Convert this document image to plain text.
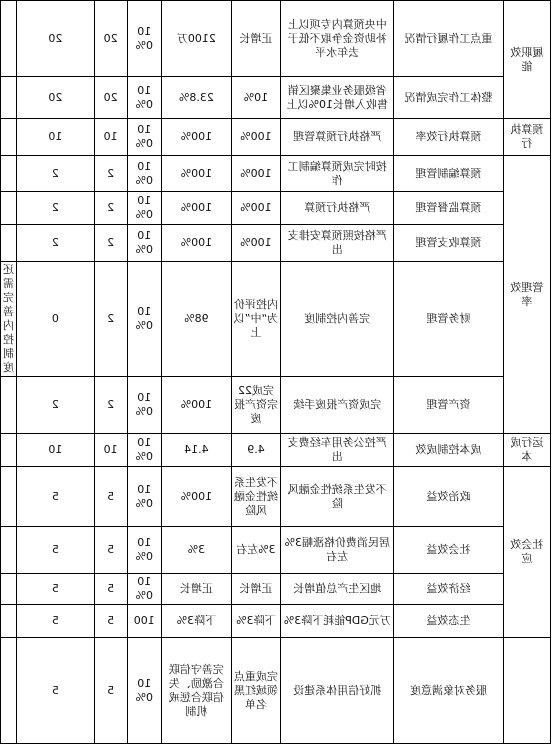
履职效能	重点工作履行情况	中央预算内专项以上补助资金争取不低于去年水平	正增长	2100万	100%	20	20	
	整体工作完成情况	省级服务业集聚区销售收入增长10%以上	10%	23.8%	100%	20	20	
预算执行	预算执行效率	严格执行预算管理	100%	100%	100%	10	10	
管理效率	预算编制管理	按时完成预算编制工作	100%	100%	100%	2	2	
	预算监督管理	严格执行预算	100%	100%	100%	2	2	
	预算收支管理	严格按照预算安排支出	100%	100%	100%	2	2	
	财务管理	完善内控制度	内控评价为“中”以上	98%	100%	2	0	还需完善内控制度
	资产管理	完成资产报废手续	完成22宗资产报废	100%	100%	2	2	
运行成本	成本控制成效	严控公务用车经费支出	4.9	4.14	100%	10	10	
社会效应	政治效益	不发生系统性金融风险	不发生系统性金融风险	100%	100%	5	5	
	社会效益	居民消费价格涨幅3%左右	3%左右	3%	100%	5	5	
	经济效益	地区生产总值增长	正增长	正增长	100%	5	5	
	生态效益	万元GDP能耗下降3%	下降3%	下降3%	100	5	5	
	服务对象满意度	抓好信用体系建设	完成重点领域红黑名单	完善守信联合激励、失信联合惩戒机制	100%	5	5	
